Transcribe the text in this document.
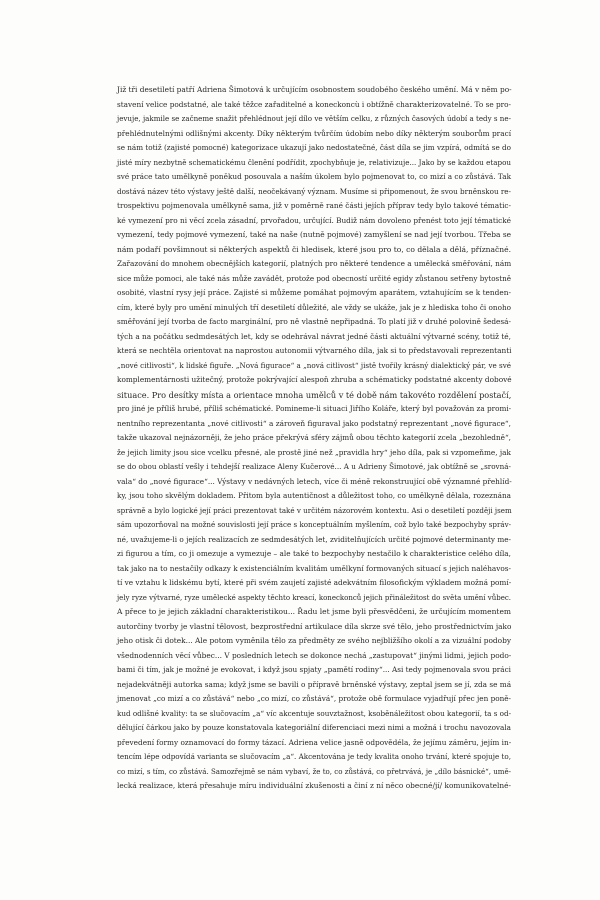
Již tři desetiletí patří Adriena Šimotová k určujícím osobnostem soudobého českého umění. Má v něm po-
stavení velice podstatné, ale také těžce zařaditelné a koneckoncù i obtížně charakterizovatelné. To se pro-
jevuje, jakmile se začneme snažit přehlédnout její dílo ve větším celku, z různých časových údobí a tedy s ne-
přehlédnutelnými odlišnými akcenty. Díky některým tvůrčím údobím nebo díky některým souborům prací
se nám totiž (zajisté pomocné) kategorizace ukazují jako nedostatečné, část díla se jim vzpírá, odmítá se do
jisté míry nezbytně schematickému členění podřídit, zpochybňuje je, relativizuje... Jako by se každou etapou
své práce tato umělkyně poněkud posouvala a naším úkolem bylo pojmenovat to, co mizí a co zůstává. Tak
dostává název této výstavy ještě další, neočekávaný význam. Musíme si připomenout, že svou brněnskou re-
trospektivu pojmenovala umělkyně sama, již v poměrně rané části jejích příprav tedy bylo takové tématic-
ké vymezení pro ni věcí zcela zásadní, prvořadou, určující. Budiž nám dovoleno přenést toto její tématické
vymezení, tedy pojmové vymezení, také na naše (nutně pojmové) zamyšlení se nad její tvorbou. Třeba se
nám podaří povšimnout si některých aspektů či hledisek, které jsou pro to, co dělala a dělá, příznačné.
Zařazování do mnohem obecnějších kategorií, platných pro některé tendence a umělecká směřování, nám
sice může pomoci, ale také nás může zavádět, protože pod obecností určité egidy zůstanou setřeny bytostně
osobité, vlastní rysy její práce. Zajisté si můžeme pomáhat pojmovým aparátem, vztahujícím se k tenden-
cím, které byly pro umění minulých tří desetiletí důležité, ale vždy se ukáže, jak je z hlediska toho či onoho
směřování její tvorba de facto marginální, pro ně vlastně nepřipadná. To platí již v druhé polovině šedesá-
tých a na počátku sedmdesátých let, kdy se odehrával návrat jedné části aktuální výtvarné scény, totiž té,
která se nechtěla orientovat na naprostou autonomii výtvarného díla, jak si to představovali reprezentanti
„nové citlivosti“, k lidské figuře. „Nová figurace“ a „nová citlivost“ jistě tvořily krásný dialektický pár, ve své
komplementárnosti užitečný, protože pokrývající alespoň zhruba a schématicky podstatné akcenty dobové
situace. Pro desítky místa a orientace mnoha umělců v té době nám takovéto rozdělení postačí,
pro jiné je příliš hrubé, příliš schématické. Pomineme-li situaci Jiřího Koláře, který byl považován za promi-
nentního reprezentanta „nové citlivosti“ a zároveň figuraval jako podstatný reprezentant „nové figurace“,
takže ukazoval nejnázorněji, že jeho práce překrývá sféry zájmů obou těchto kategorií zcela „bezohledně“,
že jejich limity jsou sice vcelku přesné, ale prostě jiné než „pravidla hry“ jeho díla, pak si vzpomeňme, jak
se do obou oblastí vešly i tehdejší realizace Aleny Kučerové... A u Adrieny Šimotové, jak obtížně se „srovná-
vala“ do „nové figurace“... Výstavy v nedávných letech, více či méně rekonstruující obě významné přehlíd-
ky, jsou toho skvělým dokladem. Přitom byla autentičnost a důležitost toho, co umělkyně dělala, rozeznána
správně a bylo logické její práci prezentovat také v určitém názorovém kontextu. Asi o desetiletí později jsem
sám upozorňoval na možné souvislosti její práce s konceptuálním myšlením, což bylo také bezpochyby správ-
né, uvažujeme-li o jejích realizacích ze sedmdesátých let, zviditelňujících určité pojmové determinanty me-
zi figurou a tím, co ji omezuje a vymezuje – ale také to bezpochyby nestačilo k charakteristice celého díla,
tak jako na to nestačily odkazy k existenciálním kvalitám umělkyní formovaných situací s jejich naléhavos-
tí ve vztahu k lidskému bytí, které při svém zaujetí zajisté adekvátním filosofickým výkladem možná pomí-
jely ryze výtvarné, ryze umělecké aspekty těchto kreací, koneckonců jejich přináležitost do světa umění vůbec.
A přece to je jejich základní charakteristikou... Řadu let jsme byli přesvědčeni, že určujícím momentem
autorčiny tvorby je vlastní tělovost, bezprostřední artikulace díla skrze své tělo, jeho prostřednictvím jako
jeho otisk či dotek... Ale potom vyměnila tělo za předměty ze svého nejbližšího okolí a za vizuální podoby
všednodenních věcí vůbec... V posledních letech se dokonce nechá „zastupovat“ jinými lidmi, jejich podo-
bami či tím, jak je možné je evokovat, i když jsou spjaty „pamětí rodiny“... Asi tedy pojmenovala svou práci
nejadekvátněji autorka sama; když jsme se bavili o přípravě brněnské výstavy, zeptal jsem se jí, zda se má
jmenovat „co mizí a co zůstává“ nebo „co mizí, co zůstává“, protože obě formulace vyjadřují přec jen poně-
kud odlišné kvality: ta se slučovacím „a“ víc akcentuje souvztažnost, ksoběnáležitost obou kategorií, ta s od-
dělující čárkou jako by pouze konstatovala kategoriální diferenciaci mezi nimi a možná i trochu navozovala
převedení formy oznamovací do formy tázací. Adriena velice jasně odpovědéla, že jejímu záměru, jejím in-
tencím lépe odpovídá varianta se slučovacím „a“. Akcentována je tedy kvalita onoho trvání, které spojuje to,
co mizí, s tím, co zůstává. Samozřejmě se nám vybaví, že to, co zůstává, co přetrvává, je „dílo básnické“, umě-
lecká realizace, která přesahuje míru individuální zkušenosti a činí z ní něco obecné/jí/ komunikovatelné-
